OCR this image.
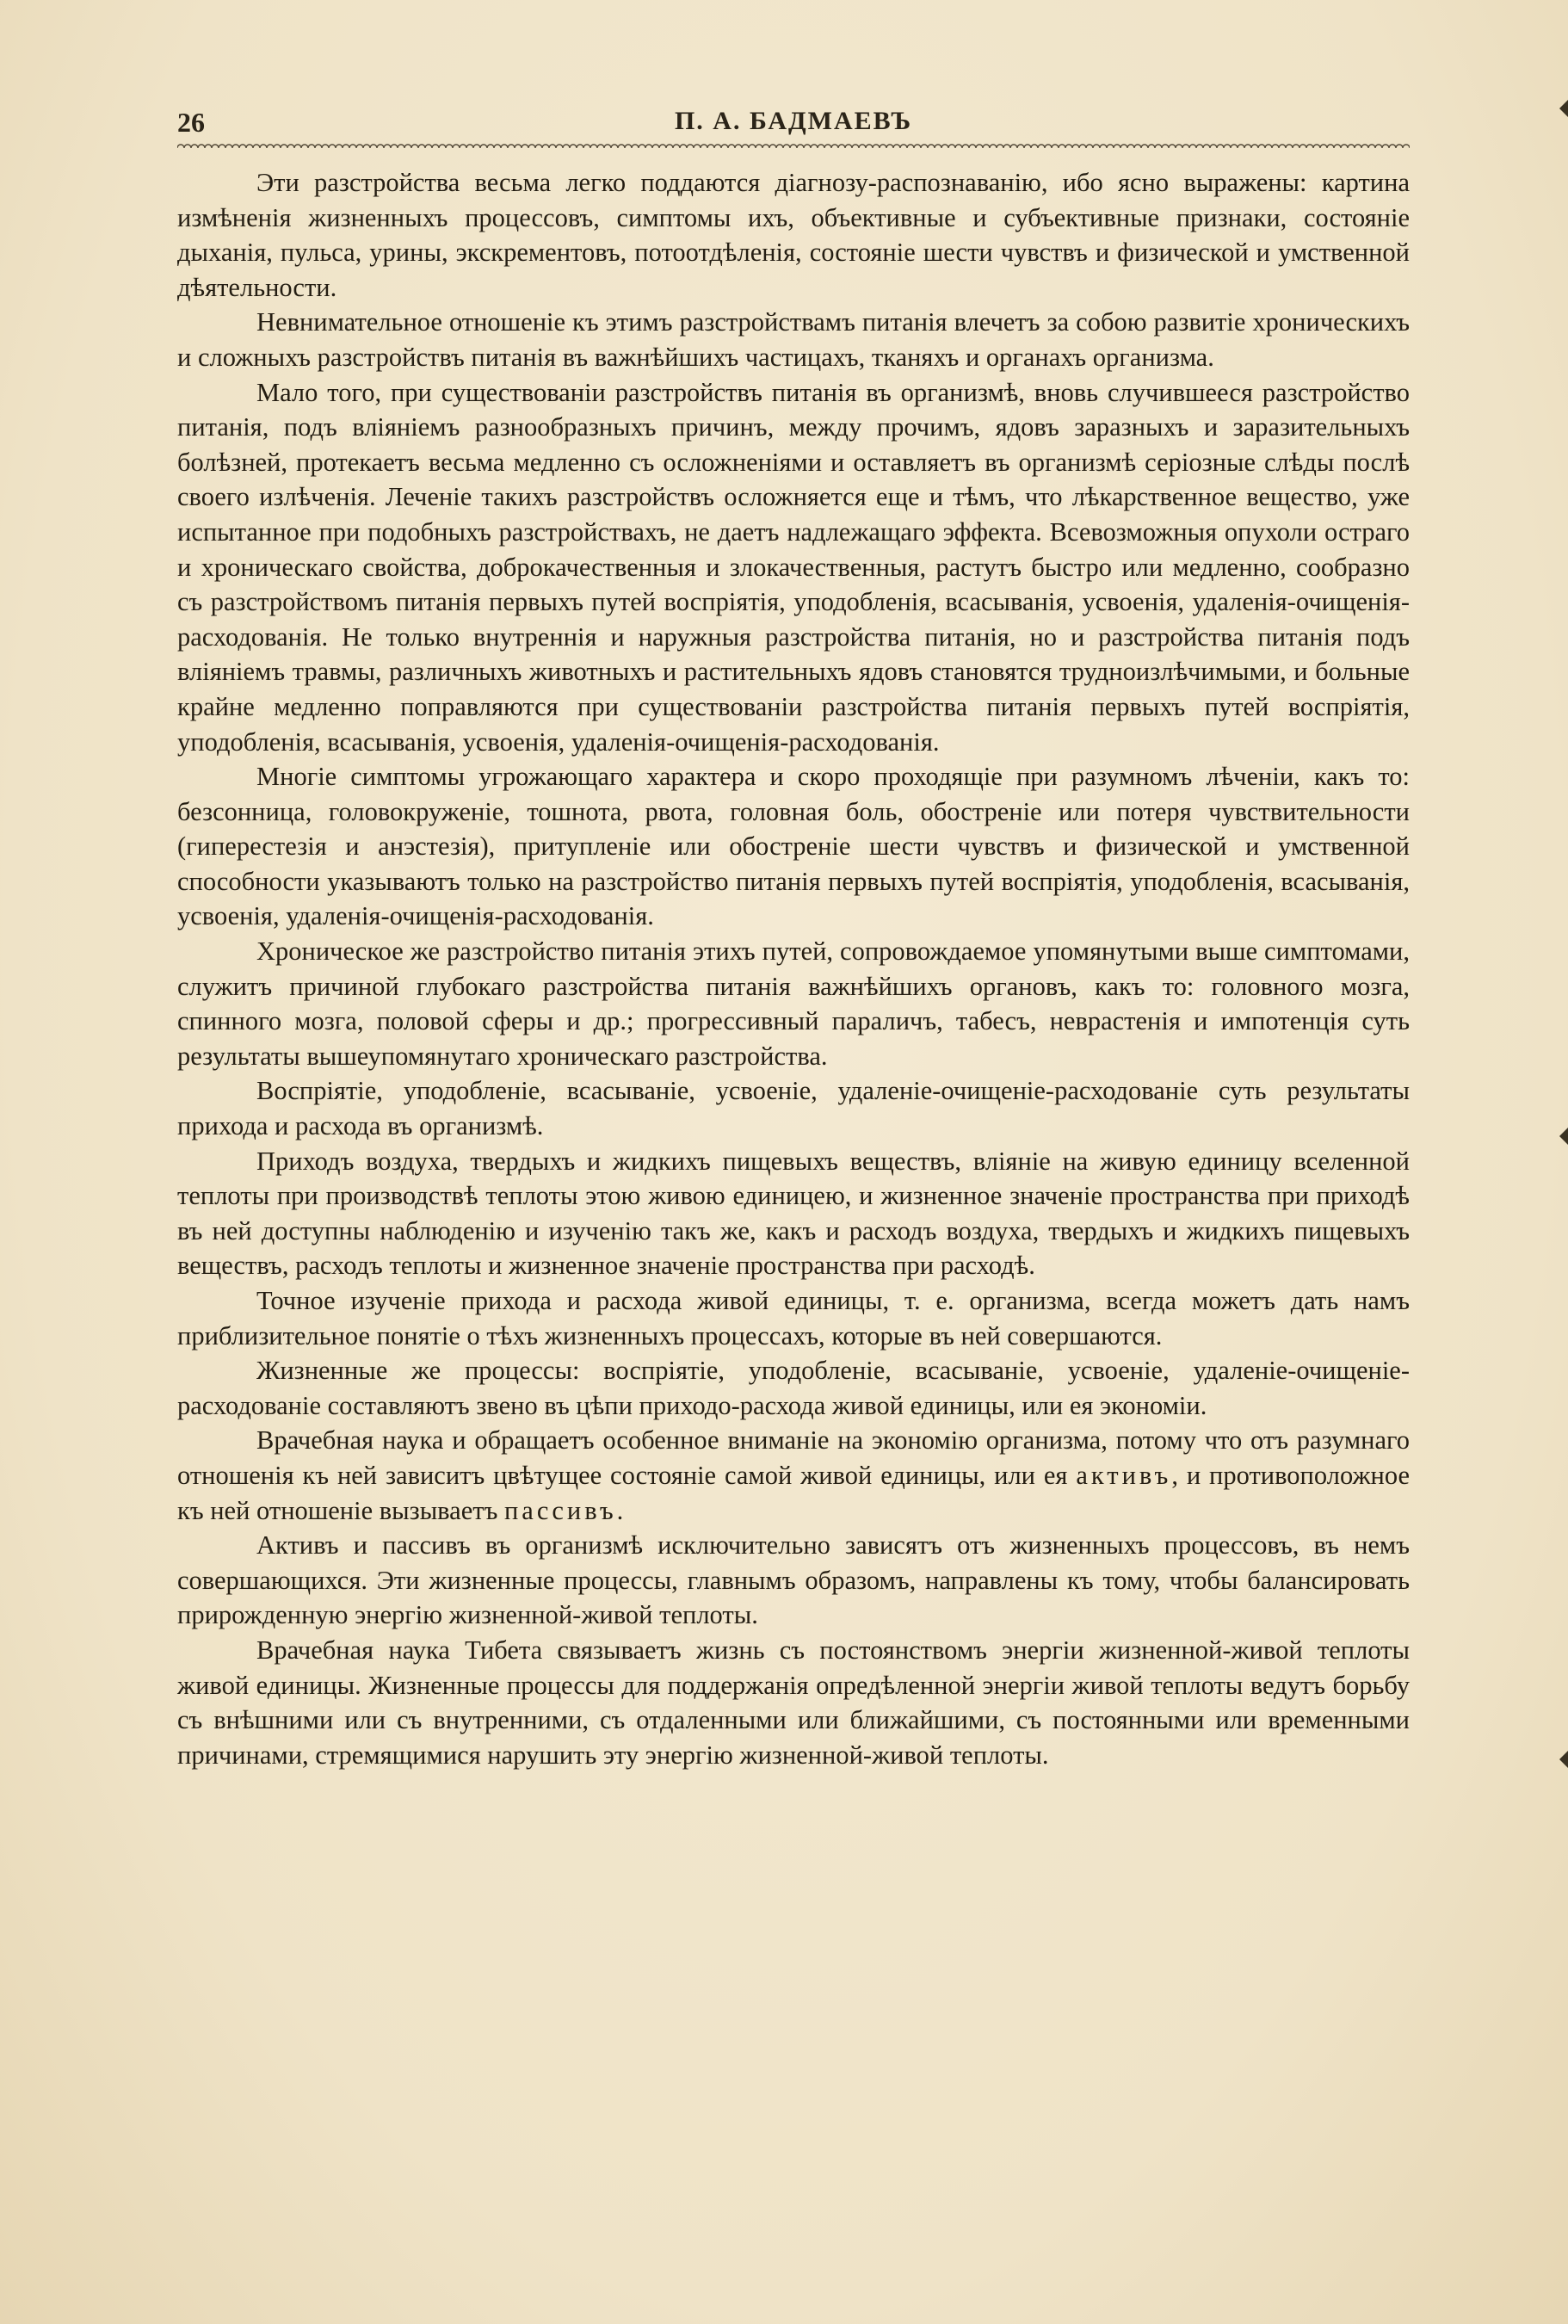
26	П. А. БАДМАЕВЪ

Эти разстройства весьма легко поддаются дiагнозу-распознаванiю, ибо ясно выражены: картина измѣненiя жизненныхъ процессовъ, симптомы ихъ, объективные и субъективные признаки, состоянiе дыханiя, пульса, урины, экскрементовъ, потоотдѣленiя, состоянiе шести чувствъ и физической и умственной дѣятельности.

Невнимательное отношенiе къ этимъ разстройствамъ питанiя влечетъ за собою развитiе хроническихъ и сложныхъ разстройствъ питанiя въ важнѣйшихъ частицахъ, тканяхъ и органахъ организма.

Мало того, при существованiи разстройствъ питанiя въ организмѣ, вновь случившееся разстройство питанiя, подъ влiянiемъ разнообразныхъ причинъ, между прочимъ, ядовъ заразныхъ и заразительныхъ болѣзней, протекаетъ весьма медленно съ осложненiями и оставляетъ въ организмѣ серiозные слѣды послѣ своего излѣченiя. Леченiе такихъ разстройствъ осложняется еще и тѣмъ, что лѣкарственное вещество, уже испытанное при подобныхъ разстройствахъ, не даетъ надлежащаго эффекта. Всевозможныя опухоли остраго и хроническаго свойства, доброкачественныя и злокачественныя, растутъ быстро или медленно, сообразно съ разстройствомъ питанiя первыхъ путей воспрiятiя, уподобленiя, всасыванiя, усвоенiя, удаленiя-очищенiя-расходованiя. Не только внутреннiя и наружныя разстройства питанiя, но и разстройства питанiя подъ влiянiемъ травмы, различныхъ животныхъ и растительныхъ ядовъ становятся трудноизлѣчимыми, и больные крайне медленно поправляются при существованiи разстройства питанiя первыхъ путей воспрiятiя, уподобленiя, всасыванiя, усвоенiя, удаленiя-очищенiя-расходованiя.

Многiе симптомы угрожающаго характера и скоро проходящiе при разумномъ лѣченiи, какъ то: безсонница, головокруженiе, тошнота, рвота, головная боль, обостренiе или потеря чувствительности (гиперестезiя и анэстезiя), притупленiе или обостренiе шести чувствъ и физической и умственной способности указываютъ только на разстройство питанiя первыхъ путей воспрiятiя, уподобленiя, всасыванiя, усвоенiя, удаленiя-очищенiя-расходованiя.

Хроническое же разстройство питанiя этихъ путей, сопровождаемое упомянутыми выше симптомами, служитъ причиной глубокаго разстройства питанiя важнѣйшихъ органовъ, какъ то: головного мозга, спинного мозга, половой сферы и др.; прогрессивный параличъ, табесъ, неврастенiя и импотенцiя суть результаты вышеупомянутаго хроническаго разстройства.

Воспрiятiе, уподобленiе, всасыванiе, усвоенiе, удаленiе-очищенiе-расходованiе суть результаты прихода и расхода въ организмѣ.

Приходъ воздуха, твердыхъ и жидкихъ пищевыхъ веществъ, влiянiе на живую единицу вселенной теплоты при производствѣ теплоты этою живою единицею, и жизненное значенiе пространства при приходѣ въ ней доступны наблюденiю и изученiю такъ же, какъ и расходъ воздуха, твердыхъ и жидкихъ пищевыхъ веществъ, расходъ теплоты и жизненное значенiе пространства при расходѣ.

Точное изученiе прихода и расхода живой единицы, т. е. организма, всегда можетъ дать намъ приблизительное понятiе о тѣхъ жизненныхъ процессахъ, которые въ ней совершаются.

Жизненные же процессы: воспрiятiе, уподобленiе, всасыванiе, усвоенiе, удаленiе-очищенiе-расходованiе составляютъ звено въ цѣпи приходо-расхода живой единицы, или ея экономiи.

Врачебная наука и обращаетъ особенное вниманiе на экономiю организма, потому что отъ разумнаго отношенiя къ ней зависитъ цвѣтущее состоянiе самой живой единицы, или ея активъ, и противоположное къ ней отношенiе вызываетъ пассивъ.

Активъ и пассивъ въ организмѣ исключительно зависятъ отъ жизненныхъ процессовъ, въ немъ совершающихся. Эти жизненные процессы, главнымъ образомъ, направлены къ тому, чтобы балансировать прирожденную энергiю жизненной-живой теплоты.

Врачебная наука Тибета связываетъ жизнь съ постоянствомъ энергiи жизненной-живой теплоты живой единицы. Жизненные процессы для поддержанiя опредѣленной энергiи живой теплоты ведутъ борьбу съ внѣшними или съ внутренними, съ отдаленными или ближайшими, съ постоянными или временными причинами, стремящимися нарушить эту энергiю жизненной-живой теплоты.
